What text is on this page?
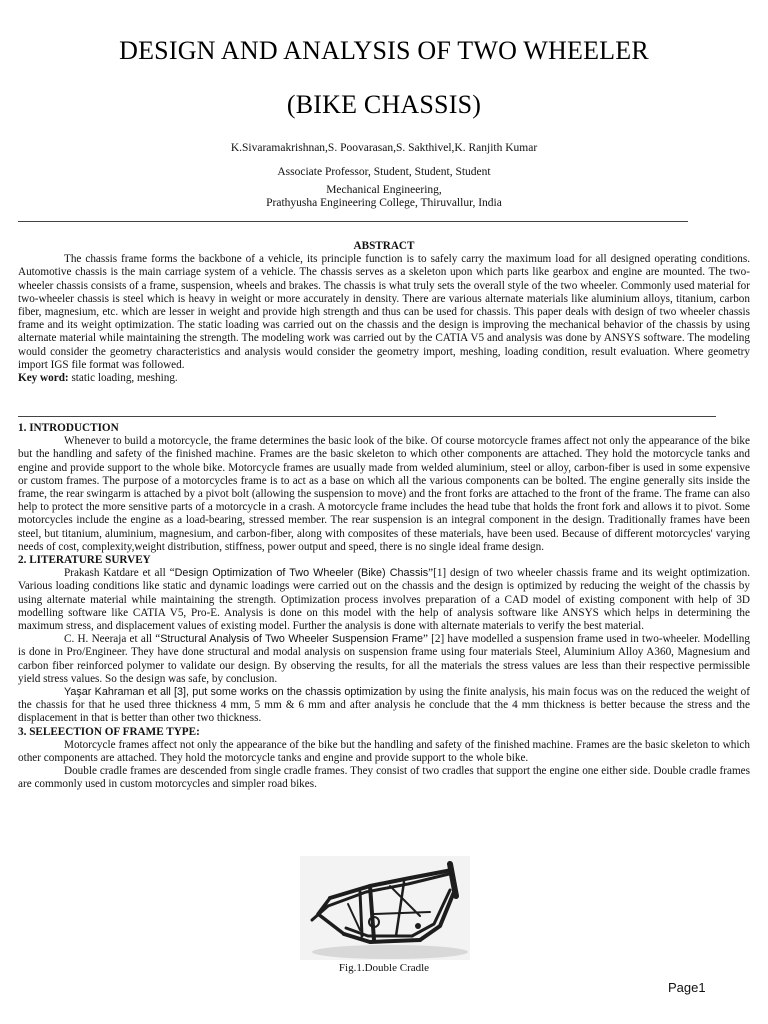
DESIGN AND ANALYSIS OF TWO WHEELER
(BIKE CHASSIS)
K.Sivaramakrishnan,S. Poovarasan,S. Sakthivel,K. Ranjith Kumar
Associate Professor, Student, Student, Student
Mechanical Engineering,
Prathyusha Engineering College, Thiruvallur, India

ABSTRACT

The chassis frame forms the backbone of a vehicle, its principle function is to safely carry the maximum load for all designed operating conditions. Automotive chassis is the main carriage system of a vehicle. The chassis serves as a skeleton upon which parts like gearbox and engine are mounted. The two-wheeler chassis consists of a frame, suspension, wheels and brakes. The chassis is what truly sets the overall style of the two wheeler. Commonly used material for two-wheeler chassis is steel which is heavy in weight or more accurately in density. There are various alternate materials like aluminium alloys, titanium, carbon fiber, magnesium, etc. which are lesser in weight and provide high strength and thus can be used for chassis. This paper deals with design of two wheeler chassis frame and its weight optimization. The static loading was carried out on the chassis and the design is improving the mechanical behavior of the chassis by using alternate material while maintaining the strength. The modeling work was carried out by the CATIA V5 and analysis was done by ANSYS software. The modeling would consider the geometry characteristics and analysis would consider the geometry import, meshing, loading condition, result evaluation. Where geometry import IGS file format was followed.

Key word: static loading, meshing.

1. INTRODUCTION

Whenever to build a motorcycle, the frame determines the basic look of the bike. Of course motorcycle frames affect not only the appearance of the bike but the handling and safety of the finished machine. Frames are the basic skeleton to which other components are attached. They hold the motorcycle tanks and engine and provide support to the whole bike. Motorcycle frames are usually made from welded aluminium, steel or alloy, carbon-fiber is used in some expensive or custom frames. The purpose of a motorcycles frame is to act as a base on which all the various components can be bolted. The engine generally sits inside the frame, the rear swingarm is attached by a pivot bolt (allowing the suspension to move) and the front forks are attached to the front of the frame. The frame can also help to protect the more sensitive parts of a motorcycle in a crash. A motorcycle frame includes the head tube that holds the front fork and allows it to pivot. Some motorcycles include the engine as a load-bearing, stressed member. The rear suspension is an integral component in the design. Traditionally frames have been steel, but titanium, aluminium, magnesium, and carbon-fiber, along with composites of these materials, have been used. Because of different motorcycles' varying needs of cost, complexity,weight distribution, stiffness, power output and speed, there is no single ideal frame design.

2. LITERATURE SURVEY

Prakash Katdare et all “Design Optimization of Two Wheeler (Bike) Chassis”[1] design of two wheeler chassis frame and its weight optimization. Various loading conditions like static and dynamic loadings were carried out on the chassis and the design is optimized by reducing the weight of the chassis by using alternate material while maintaining the strength. Optimization process involves preparation of a CAD model of existing component with help of 3D modelling software like CATIA V5, Pro-E. Analysis is done on this model with the help of analysis software like ANSYS which helps in determining the maximum stress, and displacement values of existing model. Further the analysis is done with alternate materials to verify the best material.

C. H. Neeraja et all “Structural Analysis of Two Wheeler Suspension Frame” [2] have modelled a suspension frame used in two-wheeler. Modelling is done in Pro/Engineer. They have done structural and modal analysis on suspension frame using four materials Steel, Aluminium Alloy A360, Magnesium and carbon fiber reinforced polymer to validate our design. By observing the results, for all the materials the stress values are less than their respective permissible yield stress values. So the design was safe, by conclusion.

Yaşar Kahraman et all [3], put some works on the chassis optimization by using the finite analysis, his main focus was on the reduced the weight of the chassis for that he used three thickness 4 mm, 5 mm & 6 mm and after analysis he conclude that the 4 mm thickness is better because the stress and the displacement in that is better than other two thickness.

3. SELEECTION OF FRAME TYPE:

Motorcycle frames affect not only the appearance of the bike but the handling and safety of the finished machine. Frames are the basic skeleton to which other components are attached. They hold the motorcycle tanks and engine and provide support to the whole bike.

Double cradle frames are descended from single cradle frames. They consist of two cradles that support the engine one either side. Double cradle frames are commonly used in custom motorcycles and simpler road bikes.

Fig.1.Double Cradle
Page1
